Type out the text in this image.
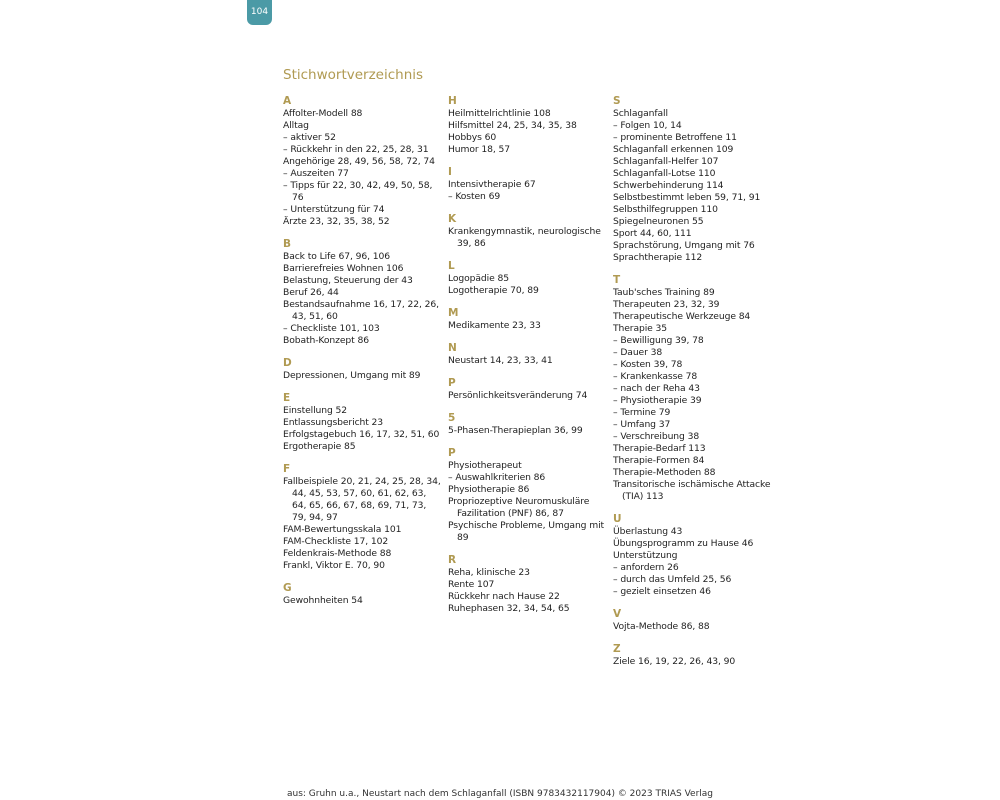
104
Stichwortverzeichnis
A
Affolter-Modell 88
Alltag
– aktiver 52
– Rückkehr in den 22, 25, 28, 31
Angehörige 28, 49, 56, 58, 72, 74
– Auszeiten 77
– Tipps für 22, 30, 42, 49, 50, 58, 76
– Unterstützung für 74
Ärzte 23, 32, 35, 38, 52
B
Back to Life 67, 96, 106
Barrierefreies Wohnen 106
Belastung, Steuerung der 43
Beruf 26, 44
Bestandsaufnahme 16, 17, 22, 26, 43, 51, 60
– Checkliste 101, 103
Bobath-Konzept 86
D
Depressionen, Umgang mit 89
E
Einstellung 52
Entlassungsbericht 23
Erfolgstagebuch 16, 17, 32, 51, 60
Ergotherapie 85
F
Fallbeispiele 20, 21, 24, 25, 28, 34, 44, 45, 53, 57, 60, 61, 62, 63, 64, 65, 66, 67, 68, 69, 71, 73, 79, 94, 97
FAM-Bewertungsskala 101
FAM-Checkliste 17, 102
Feldenkrais-Methode 88
Frankl, Viktor E. 70, 90
G
Gewohnheiten 54
H
Heilmittelrichtlinie 108
Hilfsmittel 24, 25, 34, 35, 38
Hobbys 60
Humor 18, 57
I
Intensivtherapie 67
– Kosten 69
K
Krankengymnastik, neurologische 39, 86
L
Logopädie 85
Logotherapie 70, 89
M
Medikamente 23, 33
N
Neustart 14, 23, 33, 41
P
Persönlichkeitsveränderung 74
5
5-Phasen-Therapieplan 36, 99
P
Physiotherapeut
– Auswahlkriterien 86
Physiotherapie 86
Propriozeptive Neuromuskuläre Fazilitation (PNF) 86, 87
Psychische Probleme, Umgang mit 89
R
Reha, klinische 23
Rente 107
Rückkehr nach Hause 22
Ruhephasen 32, 34, 54, 65
S
Schlaganfall
– Folgen 10, 14
– prominente Betroffene 11
Schlaganfall erkennen 109
Schlaganfall-Helfer 107
Schlaganfall-Lotse 110
Schwerbehinderung 114
Selbstbestimmt leben 59, 71, 91
Selbsthilfegruppen 110
Spiegelneuronen 55
Sport 44, 60, 111
Sprachstörung, Umgang mit 76
Sprachtherapie 112
T
Taub'sches Training 89
Therapeuten 23, 32, 39
Therapeutische Werkzeuge 84
Therapie 35
– Bewilligung 39, 78
– Dauer 38
– Kosten 39, 78
– Krankenkasse 78
– nach der Reha 43
– Physiotherapie 39
– Termine 79
– Umfang 37
– Verschreibung 38
Therapie-Bedarf 113
Therapie-Formen 84
Therapie-Methoden 88
Transitorische ischämische Attacke (TIA) 113
U
Überlastung 43
Übungsprogramm zu Hause 46
Unterstützung
– anfordern 26
– durch das Umfeld 25, 56
– gezielt einsetzen 46
V
Vojta-Methode 86, 88
Z
Ziele 16, 19, 22, 26, 43, 90
aus: Gruhn u.a., Neustart nach dem Schlaganfall (ISBN 9783432117904) © 2023 TRIAS Verlag
